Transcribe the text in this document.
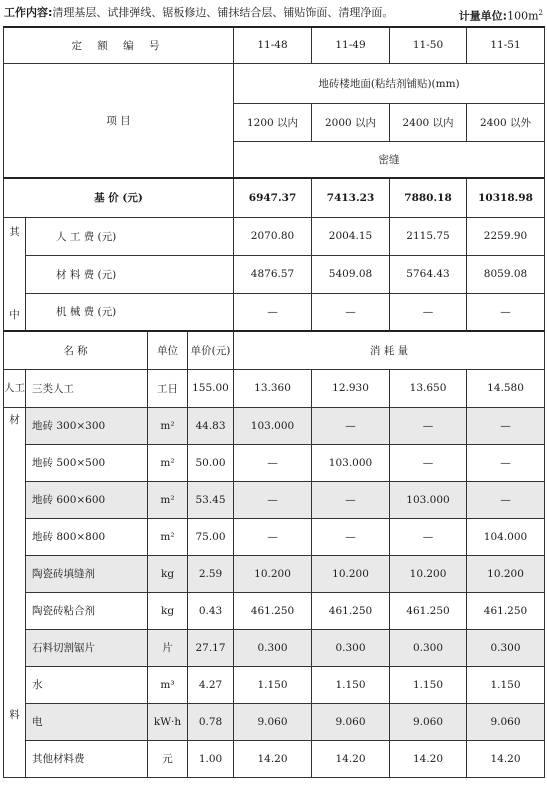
工作内容:清理基层、试排弹线、锯板修边、铺抹结合层、铺贴饰面、清理净面。	计量单位$:100m^2$
定 额 编 号				11-48	11-49	11-50	11-51
项 目				地砖楼地面(粘结剂铺贴)(mm)			
				1200 以内	2000 以内	2400 以内	2400 以外
				密缝			
基 价 (元)				6947.37	7413.23	7880.18	10318.98
其	人 工 费 (元)			2070.80	2004.15	2115.75	2259.90
	材 料 费 (元)			4876.57	5409.08	5764.43	8059.08
中	机 械 费 (元)			—	—	—	—
名 称		单位	单价(元)	消 耗 量			
人工	三类人工	工日	155.00	13.360	12.930	13.650	14.580

材
料	地砖 300×300	m²	44.83	103.000	—	—	—
	地砖 500×500	m²	50.00	—	103.000	—	—
	地砖 600×600	m²	53.45	—	—	103.000	—
	地砖 800×800	m²	75.00	—	—	—	104.000
	陶瓷砖填缝剂	kg	2.59	10.200	10.200	10.200	10.200
	陶瓷砖粘合剂	kg	0.43	461.250	461.250	461.250	461.250
	石料切割锯片	片	27.17	0.300	0.300	0.300	0.300
	水	m³	4.27	1.150	1.150	1.150	1.150
	电	kW·h	0.78	9.060	9.060	9.060	9.060
	其他材料费	元	1.00	14.20	14.20	14.20	14.20
